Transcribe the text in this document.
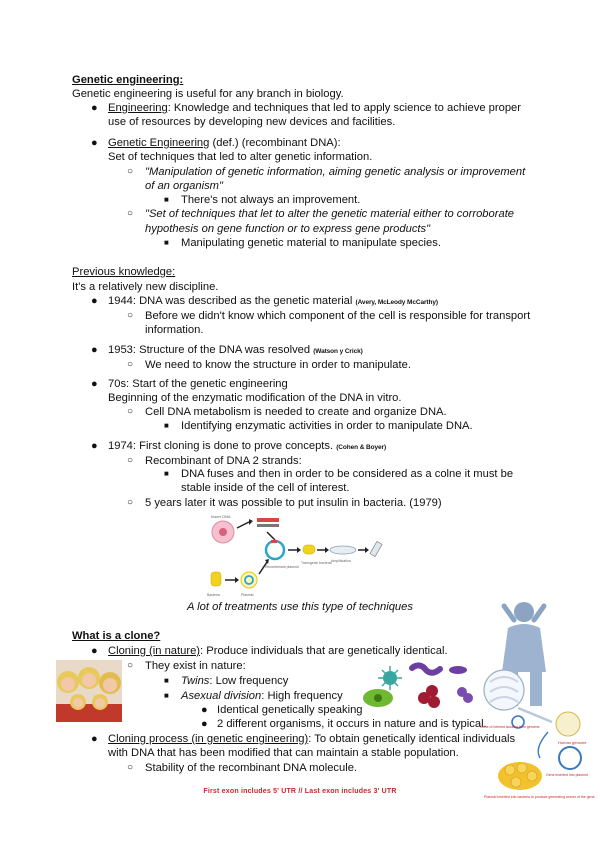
Genetic engineering:
Genetic engineering is useful for any branch in biology.
● Engineering: Knowledge and techniques that led to apply science to achieve proper
use of resources by developing new devices and facilities.
● Genetic Engineering (def.) (recombinant DNA):
Set of techniques that led to alter genetic information.
○ "Manipulation of genetic information, aiming genetic analysis or improvement
of an organism"
■ There's not always an improvement.
○ "Set of techniques that let to alter the genetic material either to corroborate
hypothesis on gene function or to express gene products"
■ Manipulating genetic material to manipulate species.
Previous knowledge:
It's a relatively new discipline.
● 1944: DNA was described as the genetic material (Avery, McLeody McCarthy)
○ Before we didn't know which component of the cell is responsible for transport
information.
● 1953: Structure of the DNA was resolved (Watson y Crick)
○ We need to know the structure in order to manipulate.
● 70s: Start of the genetic engineering
Beginning of the enzymatic modification of the DNA in vitro.
○ Cell DNA metabolism is needed to create and organize DNA.
■ Identifying enzymatic activities in order to manipulate DNA.
● 1974: First cloning is done to prove concepts. (Cohen & Boyer)
○ Recombinant of DNA 2 strands:
■ DNA fuses and then in order to be considered as a colne it must be
stable inside of the cell of interest.
○ 5 years later it was possible to put insulin in bacteria. (1979)
Insert DNA
Recombinant plasmid
Transgenic bacteria Amplification
Bacteria	Plasmid
A lot of treatments use this type of techniques
What is a clone?
● Cloning (in nature): Produce individuals that are genetically identical.
○ They exist in nature:
■ Twins: Low frequency
■ Asexual division: High frequency
● Identical genetically speaking
● 2 different organisms, it occurs in nature and is typical.
● Cloning process (in genetic engineering): To obtain genetically identical individuals
with DNA that has been modified that can maintain a stable population.
○ Stability of the recombinant DNA molecule.
Human genome
Gene of interest isolated from genome
Gene inserted into plasmid
Plasmid inserted into bacteria to produce generating clones of the gene
First exon includes 5' UTR // Last exon includes 3' UTR
